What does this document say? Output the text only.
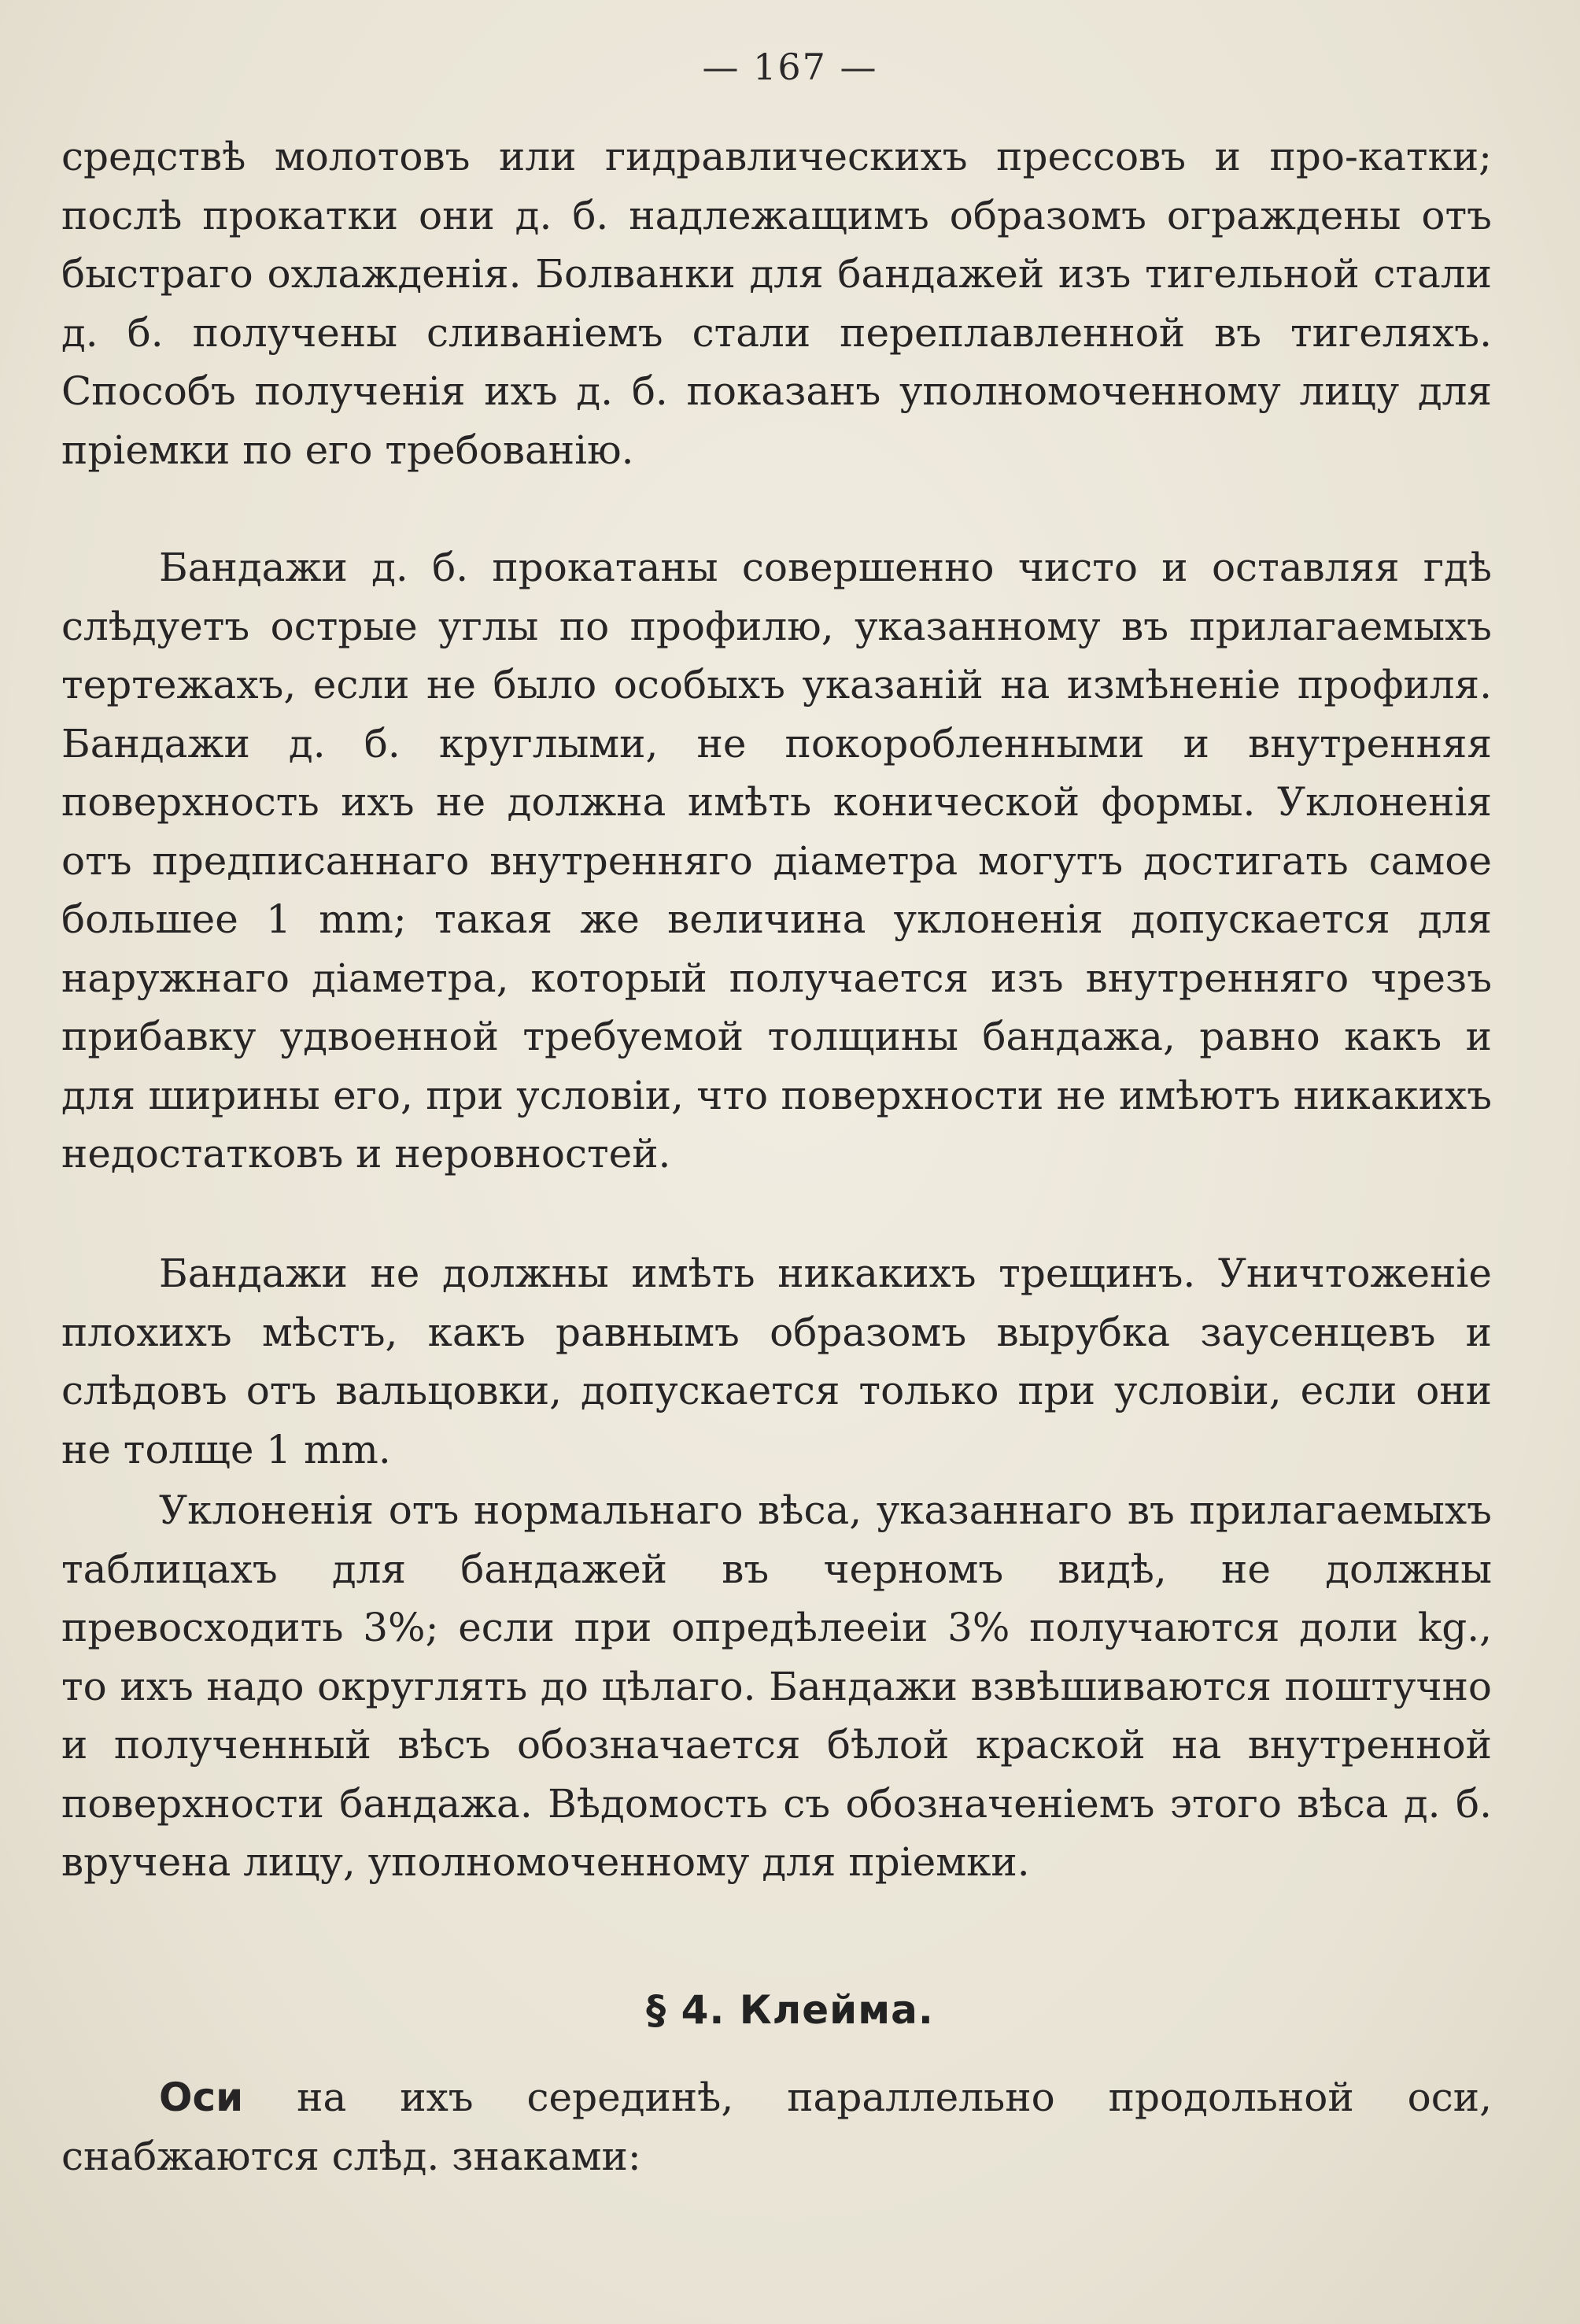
— 167 —

средствѣ молотовъ или гидравлическихъ прессовъ и про-катки; послѣ прокатки они д. б. надлежащимъ образомъ ограждены отъ быстраго охлажденія. Болванки для бандажей изъ тигельной стали д. б. получены сливаніемъ стали переплавленной въ тигеляхъ. Способъ полученія ихъ д. б. показанъ уполномоченному лицу для пріемки по его требованію.

Бандажи д. б. прокатаны совершенно чисто и оставляя гдѣ слѣдуетъ острые углы по профилю, указанному въ прилагаемыхъ тертежахъ, если не было особыхъ указаній на измѣненіе профиля. Бандажи д. б. круглыми, не покоробленными и внутренняя поверхность ихъ не должна имѣть конической формы. Уклоненія отъ предписаннаго внутренняго діаметра могутъ достигать самое большее 1 mm; такая же величина уклоненія допускается для наружнаго діаметра, который получается изъ внутренняго чрезъ прибавку удвоенной требуемой толщины бандажа, равно какъ и для ширины его, при условіи, что поверхности не имѣютъ никакихъ недостатковъ и неровностей.

Бандажи не должны имѣть никакихъ трещинъ. Уничтоженіе плохихъ мѣстъ, какъ равнымъ образомъ вырубка заусенцевъ и слѣдовъ отъ вальцовки, допускается только при условіи, если они не толще 1 mm.

Уклоненія отъ нормальнаго вѣса, указаннаго въ прилагаемыхъ таблицахъ для бандажей въ черномъ видѣ, не должны превосходить 3%; если при опредѣлееіи 3% получаются доли kg., то ихъ надо округлять до цѣлаго. Бандажи взвѣшиваются поштучно и полученный вѣсъ обозначается бѣлой краской на внутренной поверхности бандажа. Вѣдомость съ обозначеніемъ этого вѣса д. б. вручена лицу, уполномоченному для пріемки.

§ 4. Клейма.

Оси на ихъ серединѣ, параллельно продольной оси, снабжаются слѣд. знаками:
